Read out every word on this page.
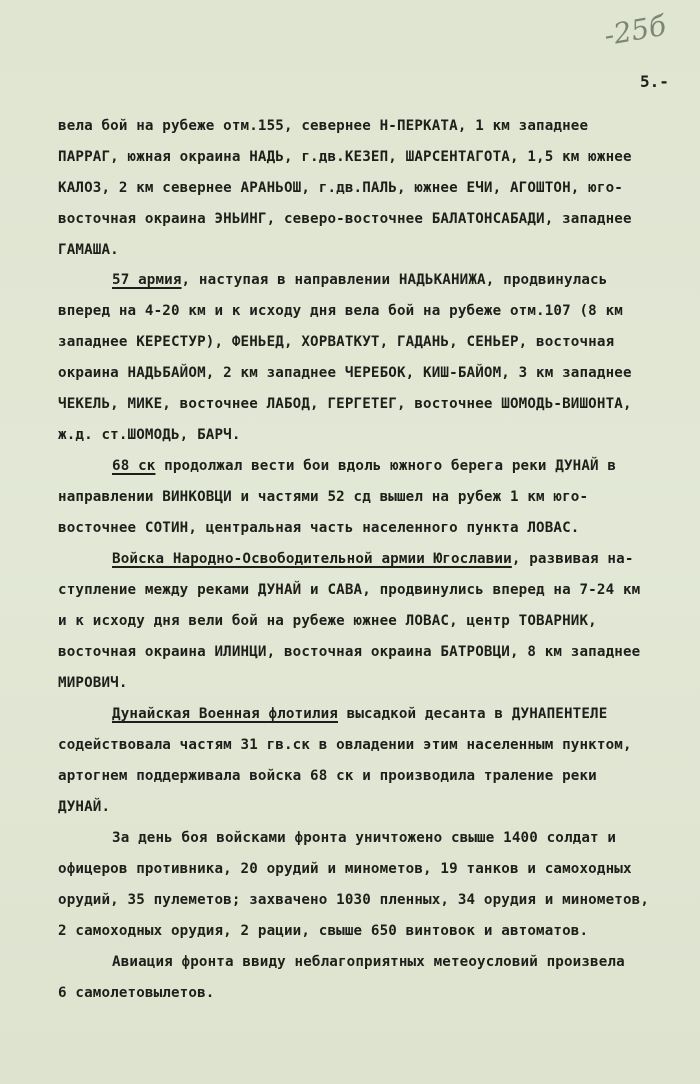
-25б
5.-
вела бой на рубеже отм.155, севернее Н-ПЕРКАТА, 1 км западнее
ПАРРАГ, южная окраина НАДЬ, г.дв.КЕЗЕП, ШАРСЕНТАГОТА, 1,5 км южнее
КАЛОЗ, 2 км севернее АРАНЬОШ, г.дв.ПАЛЬ, южнее ЕЧИ, АГОШТОН, юго-
восточная окраина ЭНЬИНГ, северо-восточнее БАЛАТОНСАБАДИ, западнее
ГАМАША.
57 армия, наступая в направлении НАДЬКАНИЖА, продвинулась
вперед на 4-20 км и к исходу дня вела бой на рубеже отм.107 (8 км
западнее КЕРЕСТУР), ФЕНЬЕД, ХОРВАТКУТ, ГАДАНЬ, СЕНЬЕР, восточная
окраина НАДЬБАЙОМ, 2 км западнее ЧЕРЕБОК, КИШ-БАЙОМ, 3 км западнее
ЧЕКЕЛЬ, МИКЕ, восточнее ЛАБОД, ГЕРГЕТЕГ, восточнее ШОМОДЬ-ВИШОНТА,
ж.д. ст.ШОМОДЬ, БАРЧ.
68 ск продолжал вести бои вдоль южного берега реки ДУНАЙ в
направлении ВИНКОВЦИ и частями 52 сд вышел на рубеж 1 км юго-
восточнее СОТИН, центральная часть населенного пункта ЛОВАС.
Войска Народно-Освободительной армии Югославии, развивая на-
ступление между реками ДУНАЙ и САВА, продвинулись вперед на 7-24 км
и к исходу дня вели бой на рубеже южнее ЛОВАС, центр ТОВАРНИК,
восточная окраина ИЛИНЦИ, восточная окраина БАТРОВЦИ, 8 км западнее
МИРОВИЧ.
Дунайская Военная флотилия высадкой десанта в ДУНАПЕНТЕЛЕ
содействовала частям 31 гв.ск в овладении этим населенным пунктом,
артогнем поддерживала войска 68 ск и производила траление реки
ДУНАЙ.
За день боя войсками фронта уничтожено свыше 1400 солдат и
офицеров противника, 20 орудий и минометов, 19 танков и самоходных
орудий, 35 пулеметов; захвачено 1030 пленных, 34 орудия и минометов,
2 самоходных орудия, 2 рации, свыше 650 винтовок и автоматов.
Авиация фронта ввиду неблагоприятных метеоусловий произвела
6 самолетовылетов.
